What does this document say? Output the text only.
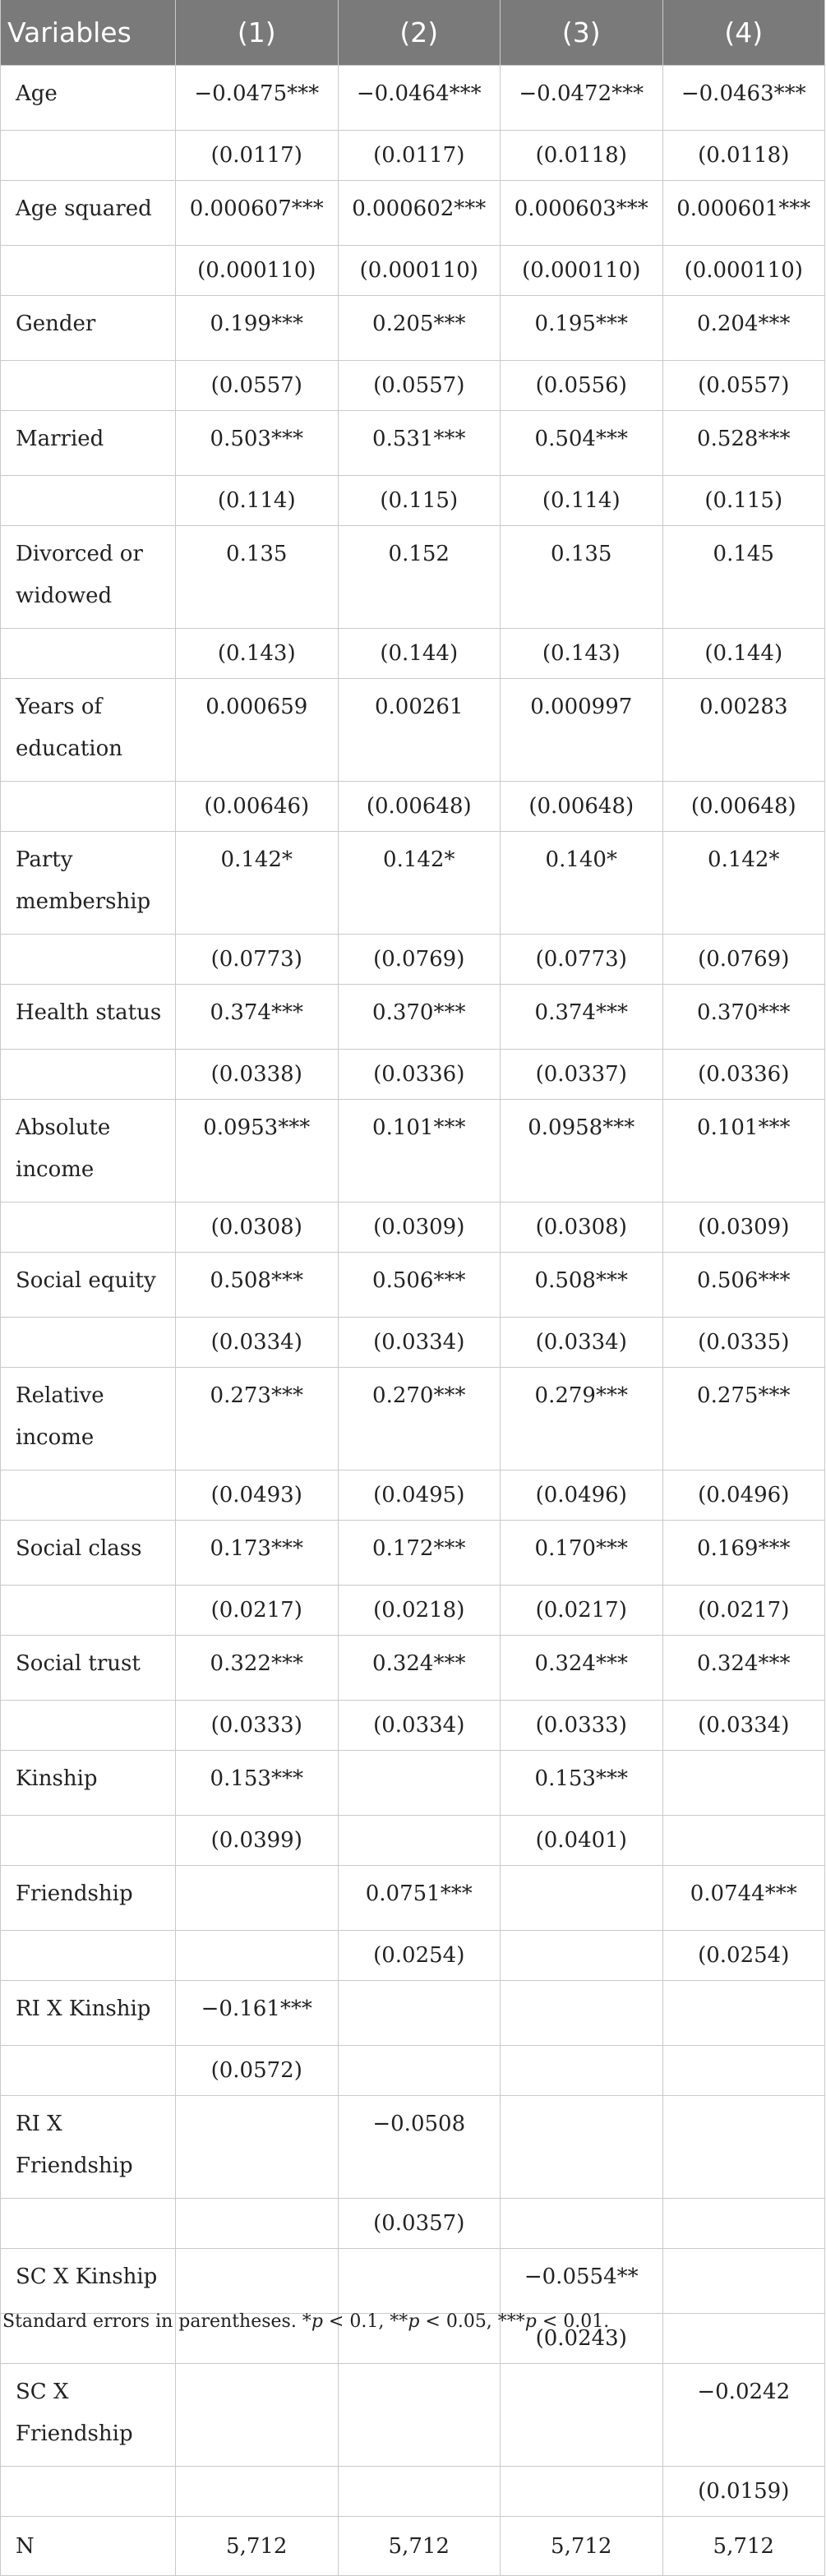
Variables	(1)	(2)	(3)	(4)
Age	−0.0475***	−0.0464***	−0.0472***	−0.0463***
	(0.0117)	(0.0117)	(0.0118)	(0.0118)
Age squared	0.000607***	0.000602***	0.000603***	0.000601***
	(0.000110)	(0.000110)	(0.000110)	(0.000110)
Gender	0.199***	0.205***	0.195***	0.204***
	(0.0557)	(0.0557)	(0.0556)	(0.0557)
Married	0.503***	0.531***	0.504***	0.528***
	(0.114)	(0.115)	(0.114)	(0.115)
Divorced or widowed	0.135	0.152	0.135	0.145
	(0.143)	(0.144)	(0.143)	(0.144)
Years of education	0.000659	0.00261	0.000997	0.00283
	(0.00646)	(0.00648)	(0.00648)	(0.00648)
Party membership	0.142*	0.142*	0.140*	0.142*
	(0.0773)	(0.0769)	(0.0773)	(0.0769)
Health status	0.374***	0.370***	0.374***	0.370***
	(0.0338)	(0.0336)	(0.0337)	(0.0336)
Absolute income	0.0953***	0.101***	0.0958***	0.101***
	(0.0308)	(0.0309)	(0.0308)	(0.0309)
Social equity	0.508***	0.506***	0.508***	0.506***
	(0.0334)	(0.0334)	(0.0334)	(0.0335)
Relative income	0.273***	0.270***	0.279***	0.275***
	(0.0493)	(0.0495)	(0.0496)	(0.0496)
Social class	0.173***	0.172***	0.170***	0.169***
	(0.0217)	(0.0218)	(0.0217)	(0.0217)
Social trust	0.322***	0.324***	0.324***	0.324***
	(0.0333)	(0.0334)	(0.0333)	(0.0334)
Kinship	0.153***		0.153***	
	(0.0399)		(0.0401)	
Friendship		0.0751***		0.0744***
		(0.0254)		(0.0254)
RI X Kinship	−0.161***			
	(0.0572)			
RI X Friendship		−0.0508		
		(0.0357)		
SC X Kinship			−0.0554**	
			(0.0243)	
SC X Friendship				−0.0242
				(0.0159)
N	5,712	5,712	5,712	5,712
Standard errors in parentheses. *p < 0.1, **p < 0.05, ***p < 0.01.
